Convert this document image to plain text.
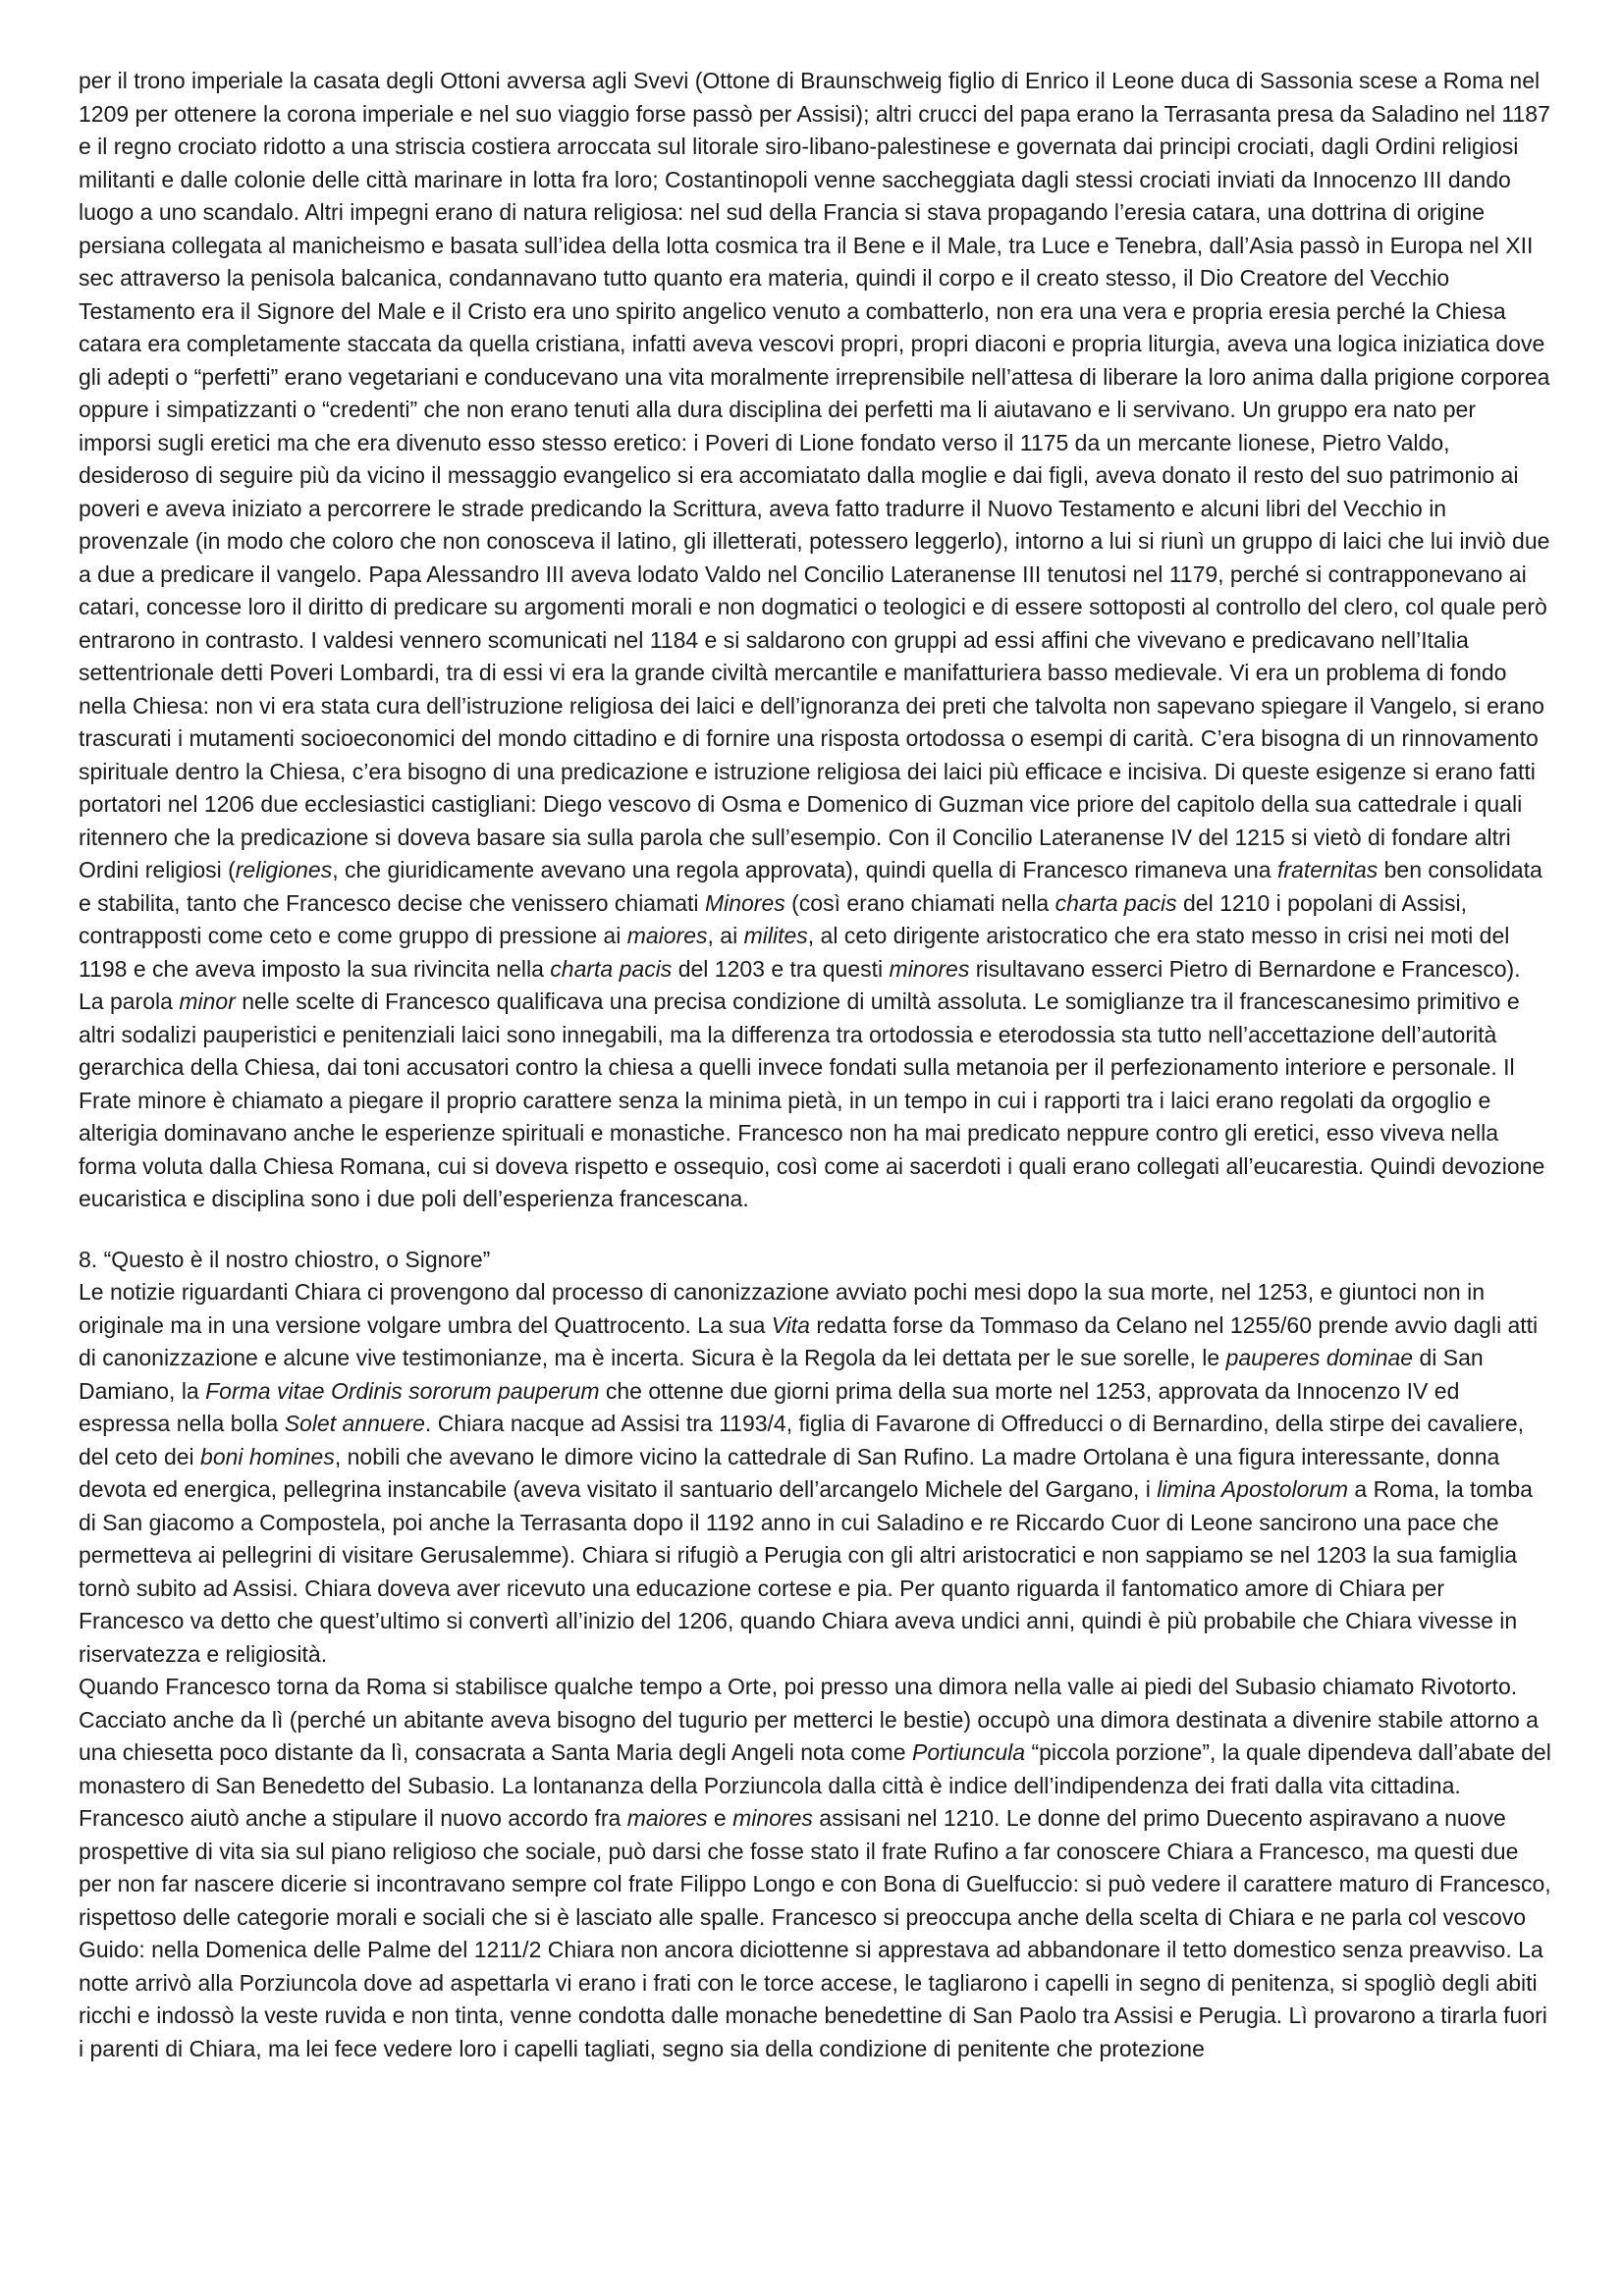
per il trono imperiale la casata degli Ottoni avversa agli Svevi (Ottone di Braunschweig figlio di Enrico il Leone duca di Sassonia scese a Roma nel 1209 per ottenere la corona imperiale e nel suo viaggio forse passò per Assisi); altri crucci del papa erano la Terrasanta presa da Saladino nel 1187 e il regno crociato ridotto a una striscia costiera arroccata sul litorale siro-libano-palestinese e governata dai principi crociati, dagli Ordini religiosi militanti e dalle colonie delle città marinare in lotta fra loro; Costantinopoli venne saccheggiata dagli stessi crociati inviati da Innocenzo III dando luogo a uno scandalo. Altri impegni erano di natura religiosa: nel sud della Francia si stava propagando l’eresia catara, una dottrina di origine persiana collegata al manicheismo e basata sull’idea della lotta cosmica tra il Bene e il Male, tra Luce e Tenebra, dall’Asia passò in Europa nel XII sec attraverso la penisola balcanica, condannavano tutto quanto era materia, quindi il corpo e il creato stesso, il Dio Creatore del Vecchio Testamento era il Signore del Male e il Cristo era uno spirito angelico venuto a combatterlo, non era una vera e propria eresia perché la Chiesa catara era completamente staccata da quella cristiana, infatti aveva vescovi propri, propri diaconi e propria liturgia, aveva una logica iniziatica dove gli adepti o “perfetti” erano vegetariani e conducevano una vita moralmente irreprensibile nell’attesa di liberare la loro anima dalla prigione corporea oppure i simpatizzanti o “credenti” che non erano tenuti alla dura disciplina dei perfetti ma li aiutavano e li servivano. Un gruppo era nato per imporsi sugli eretici ma che era divenuto esso stesso eretico: i Poveri di Lione fondato verso il 1175 da un mercante lionese, Pietro Valdo, desideroso di seguire più da vicino il messaggio evangelico si era accomiatato dalla moglie e dai figli, aveva donato il resto del suo patrimonio ai poveri e aveva iniziato a percorrere le strade predicando la Scrittura, aveva fatto tradurre il Nuovo Testamento e alcuni libri del Vecchio in provenzale (in modo che coloro che non conosceva il latino, gli illetterati, potessero leggerlo), intorno a lui si riunì un gruppo di laici che lui inviò due a due a predicare il vangelo. Papa Alessandro III aveva lodato Valdo nel Concilio Lateranense III tenutosi nel 1179, perché si contrapponevano ai catari, concesse loro il diritto di predicare su argomenti morali e non dogmatici o teologici e di essere sottoposti al controllo del clero, col quale però entrarono in contrasto. I valdesi vennero scomunicati nel 1184 e si saldarono con gruppi ad essi affini che vivevano e predicavano nell’Italia settentrionale detti Poveri Lombardi, tra di essi vi era la grande civiltà mercantile e manifatturiera basso medievale. Vi era un problema di fondo nella Chiesa: non vi era stata cura dell’istruzione religiosa dei laici e dell’ignoranza dei preti che talvolta non sapevano spiegare il Vangelo, si erano trascurati i mutamenti socioeconomici del mondo cittadino e di fornire una risposta ortodossa o esempi di carità. C’era bisogna di un rinnovamento spirituale dentro la Chiesa, c’era bisogno di una predicazione e istruzione religiosa dei laici più efficace e incisiva. Di queste esigenze si erano fatti portatori nel 1206 due ecclesiastici castigliani: Diego vescovo di Osma e Domenico di Guzman vice priore del capitolo della sua cattedrale i quali ritennero che la predicazione si doveva basare sia sulla parola che sull’esempio. Con il Concilio Lateranense IV del 1215 si vietò di fondare altri Ordini religiosi (religiones, che giuridicamente avevano una regola approvata), quindi quella di Francesco rimaneva una fraternitas ben consolidata e stabilita, tanto che Francesco decise che venissero chiamati Minores (così erano chiamati nella charta pacis del 1210 i popolani di Assisi, contrapposti come ceto e come gruppo di pressione ai maiores, ai milites, al ceto dirigente aristocratico che era stato messo in crisi nei moti del 1198 e che aveva imposto la sua rivincita nella charta pacis del 1203 e tra questi minores risultavano esserci Pietro di Bernardone e Francesco). La parola minor nelle scelte di Francesco qualificava una precisa condizione di umiltà assoluta. Le somiglianze tra il francescanesimo primitivo e altri sodalizi pauperistici e penitenziali laici sono innegabili, ma la differenza tra ortodossia e eterodossia sta tutto nell’accettazione dell’autorità gerarchica della Chiesa, dai toni accusatori contro la chiesa a quelli invece fondati sulla metanoia per il perfezionamento interiore e personale. Il Frate minore è chiamato a piegare il proprio carattere senza la minima pietà, in un tempo in cui i rapporti tra i laici erano regolati da orgoglio e alterigia dominavano anche le esperienze spirituali e monastiche. Francesco non ha mai predicato neppure contro gli eretici, esso viveva nella forma voluta dalla Chiesa Romana, cui si doveva rispetto e ossequio, così come ai sacerdoti i quali erano collegati all’eucarestia. Quindi devozione eucaristica e disciplina sono i due poli dell’esperienza francescana.

8. “Questo è il nostro chiostro, o Signore”

Le notizie riguardanti Chiara ci provengono dal processo di canonizzazione avviato pochi mesi dopo la sua morte, nel 1253, e giuntoci non in originale ma in una versione volgare umbra del Quattrocento. La sua Vita redatta forse da Tommaso da Celano nel 1255/60 prende avvio dagli atti di canonizzazione e alcune vive testimonianze, ma è incerta. Sicura è la Regola da lei dettata per le sue sorelle, le pauperes dominae di San Damiano, la Forma vitae Ordinis sororum pauperum che ottenne due giorni prima della sua morte nel 1253, approvata da Innocenzo IV ed espressa nella bolla Solet annuere. Chiara nacque ad Assisi tra 1193/4, figlia di Favarone di Offreducci o di Bernardino, della stirpe dei cavaliere, del ceto dei boni homines, nobili che avevano le dimore vicino la cattedrale di San Rufino. La madre Ortolana è una figura interessante, donna devota ed energica, pellegrina instancabile (aveva visitato il santuario dell’arcangelo Michele del Gargano, i limina Apostolorum a Roma, la tomba di San giacomo a Compostela, poi anche la Terrasanta dopo il 1192 anno in cui Saladino e re Riccardo Cuor di Leone sancirono una pace che permetteva ai pellegrini di visitare Gerusalemme). Chiara si rifugiò a Perugia con gli altri aristocratici e non sappiamo se nel 1203 la sua famiglia tornò subito ad Assisi. Chiara doveva aver ricevuto una educazione cortese e pia. Per quanto riguarda il fantomatico amore di Chiara per Francesco va detto che quest’ultimo si convertì all’inizio del 1206, quando Chiara aveva undici anni, quindi è più probabile che Chiara vivesse in riservatezza e religiosità.

Quando Francesco torna da Roma si stabilisce qualche tempo a Orte, poi presso una dimora nella valle ai piedi del Subasio chiamato Rivotorto. Cacciato anche da lì (perché un abitante aveva bisogno del tugurio per metterci le bestie) occupò una dimora destinata a divenire stabile attorno a una chiesetta poco distante da lì, consacrata a Santa Maria degli Angeli nota come Portiuncula “piccola porzione”, la quale dipendeva dall’abate del monastero di San Benedetto del Subasio. La lontananza della Porziuncola dalla città è indice dell’indipendenza dei frati dalla vita cittadina. Francesco aiutò anche a stipulare il nuovo accordo fra maiores e minores assisani nel 1210. Le donne del primo Duecento aspiravano a nuove prospettive di vita sia sul piano religioso che sociale, può darsi che fosse stato il frate Rufino a far conoscere Chiara a Francesco, ma questi due per non far nascere dicerie si incontravano sempre col frate Filippo Longo e con Bona di Guelfuccio: si può vedere il carattere maturo di Francesco, rispettoso delle categorie morali e sociali che si è lasciato alle spalle. Francesco si preoccupa anche della scelta di Chiara e ne parla col vescovo Guido: nella Domenica delle Palme del 1211/2 Chiara non ancora diciottenne si apprestava ad abbandonare il tetto domestico senza preavviso. La notte arrivò alla Porziuncola dove ad aspettarla vi erano i frati con le torce accese, le tagliarono i capelli in segno di penitenza, si spogliò degli abiti ricchi e indossò la veste ruvida e non tinta, venne condotta dalle monache benedettine di San Paolo tra Assisi e Perugia. Lì provarono a tirarla fuori i parenti di Chiara, ma lei fece vedere loro i capelli tagliati, segno sia della condizione di penitente che protezione
